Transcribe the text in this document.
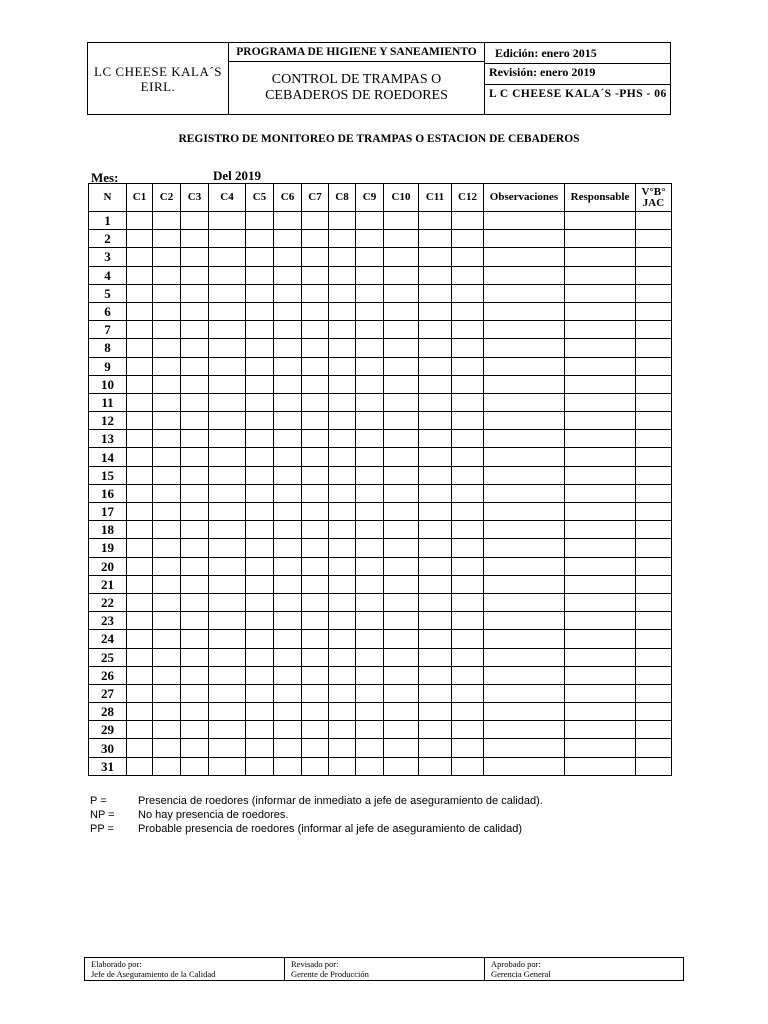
LC CHEESE KALA´S EIRL.
PROGRAMA DE HIGIENE Y SANEAMIENTO
CONTROL DE TRAMPAS O CEBADEROS DE ROEDORES
Edición: enero 2015
Revisión: enero 2019
L C CHEESE KALA´S -PHS - 06
REGISTRO DE MONITOREO DE TRAMPAS O ESTACION DE CEBADEROS
Mes:	Del 2019
N	C1	C2	C3	C4	C5	C6	C7	C8	C9	C10	C11	C12	Observaciones	Responsable	V°B° JAC
1															
2															
3															
4															
5															
6															
7															
8															
9															
10															
11															
12															
13															
14															
15															
16															
17															
18															
19															
20															
21															
22															
23															
24															
25															
26															
27															
28															
29															
30															
31															
P =	Presencia de roedores (informar de inmediato a jefe de aseguramiento de calidad).
NP =	No hay presencia de roedores.
PP =	Probable presencia de roedores (informar al jefe de aseguramiento de calidad)
Elaborado por:
Jefe de Aseguramiento de la Calidad
Revisado por:
Gerente de Producción
Aprobado por:
Gerencia General
